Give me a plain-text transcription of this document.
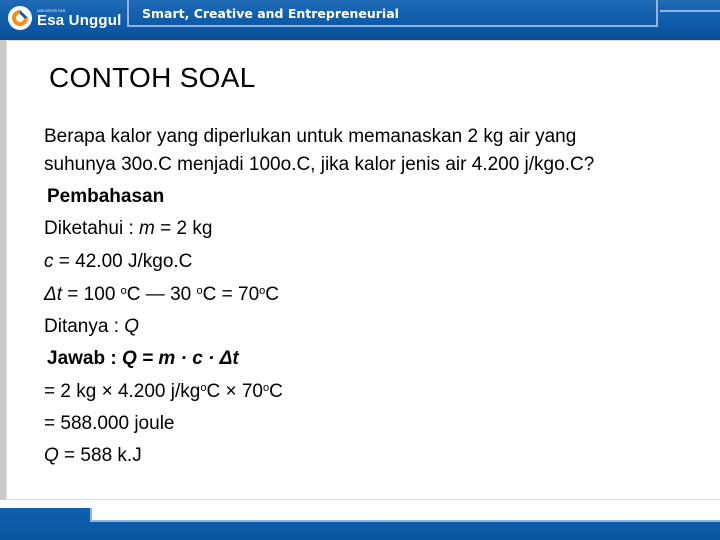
UNIVERSITAS
Esa Unggul Smart, Creative and Entrepreneurial
CONTOH SOAL
Berapa kalor yang diperlukan untuk memanaskan 2 kg air yang
suhunya 30o.C menjadi 100o.C, jika kalor jenis air 4.200 j/kgo.C?
Pembahasan
Diketahui : m = 2 kg
c = 42.00 J/kgo.C
Δt = 100 $^o$C — 30 $^oC = 70^oC$
Ditanya : Q
Jawab : Q = m · c · Δt
= 2 kg × 4.200 $j/kg^oC \times 70^oC$
= 588.000 joule
Q = 588 k.J
